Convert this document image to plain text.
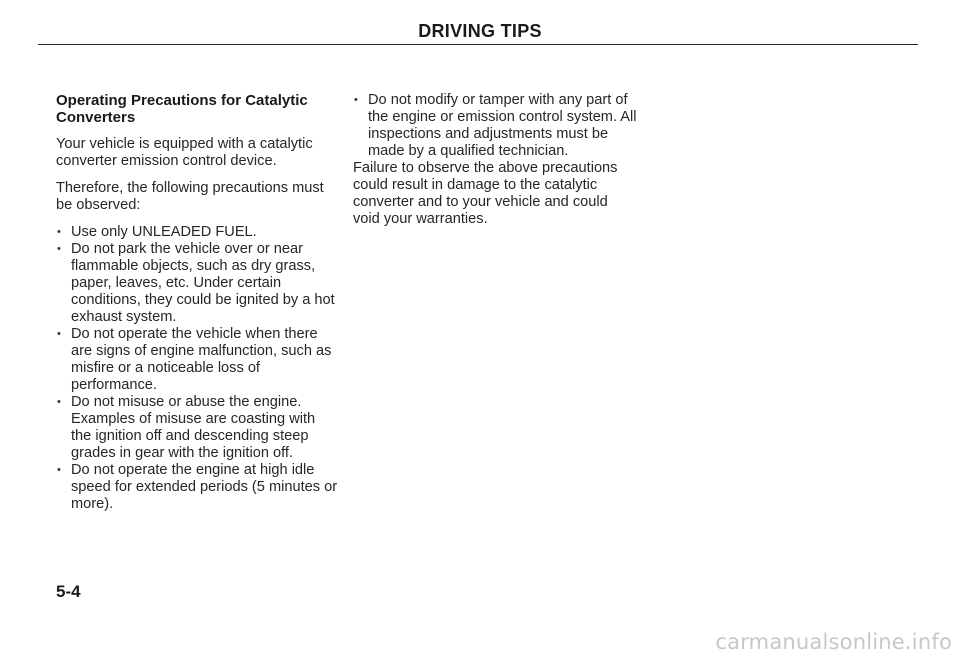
DRIVING TIPS
Operating Precautions for Catalytic Converters

Your vehicle is equipped with a catalytic converter emission control device.

Therefore, the following precautions must be observed:

• Use only UNLEADED FUEL.
• Do not park the vehicle over or near flammable objects, such as dry grass, paper, leaves, etc. Under certain conditions, they could be ignited by a hot exhaust system.
• Do not operate the vehicle when there are signs of engine malfunction, such as misfire or a noticeable loss of performance.
• Do not misuse or abuse the engine. Examples of misuse are coasting with the ignition off and descending steep grades in gear with the ignition off.
• Do not operate the engine at high idle speed for extended periods (5 minutes or more).
• Do not modify or tamper with any part of the engine or emission control system. All inspections and adjustments must be made by a qualified technician.

Failure to observe the above precautions could result in damage to the catalytic converter and to your vehicle and could void your warranties.

5-4
carmanualsonline.info
